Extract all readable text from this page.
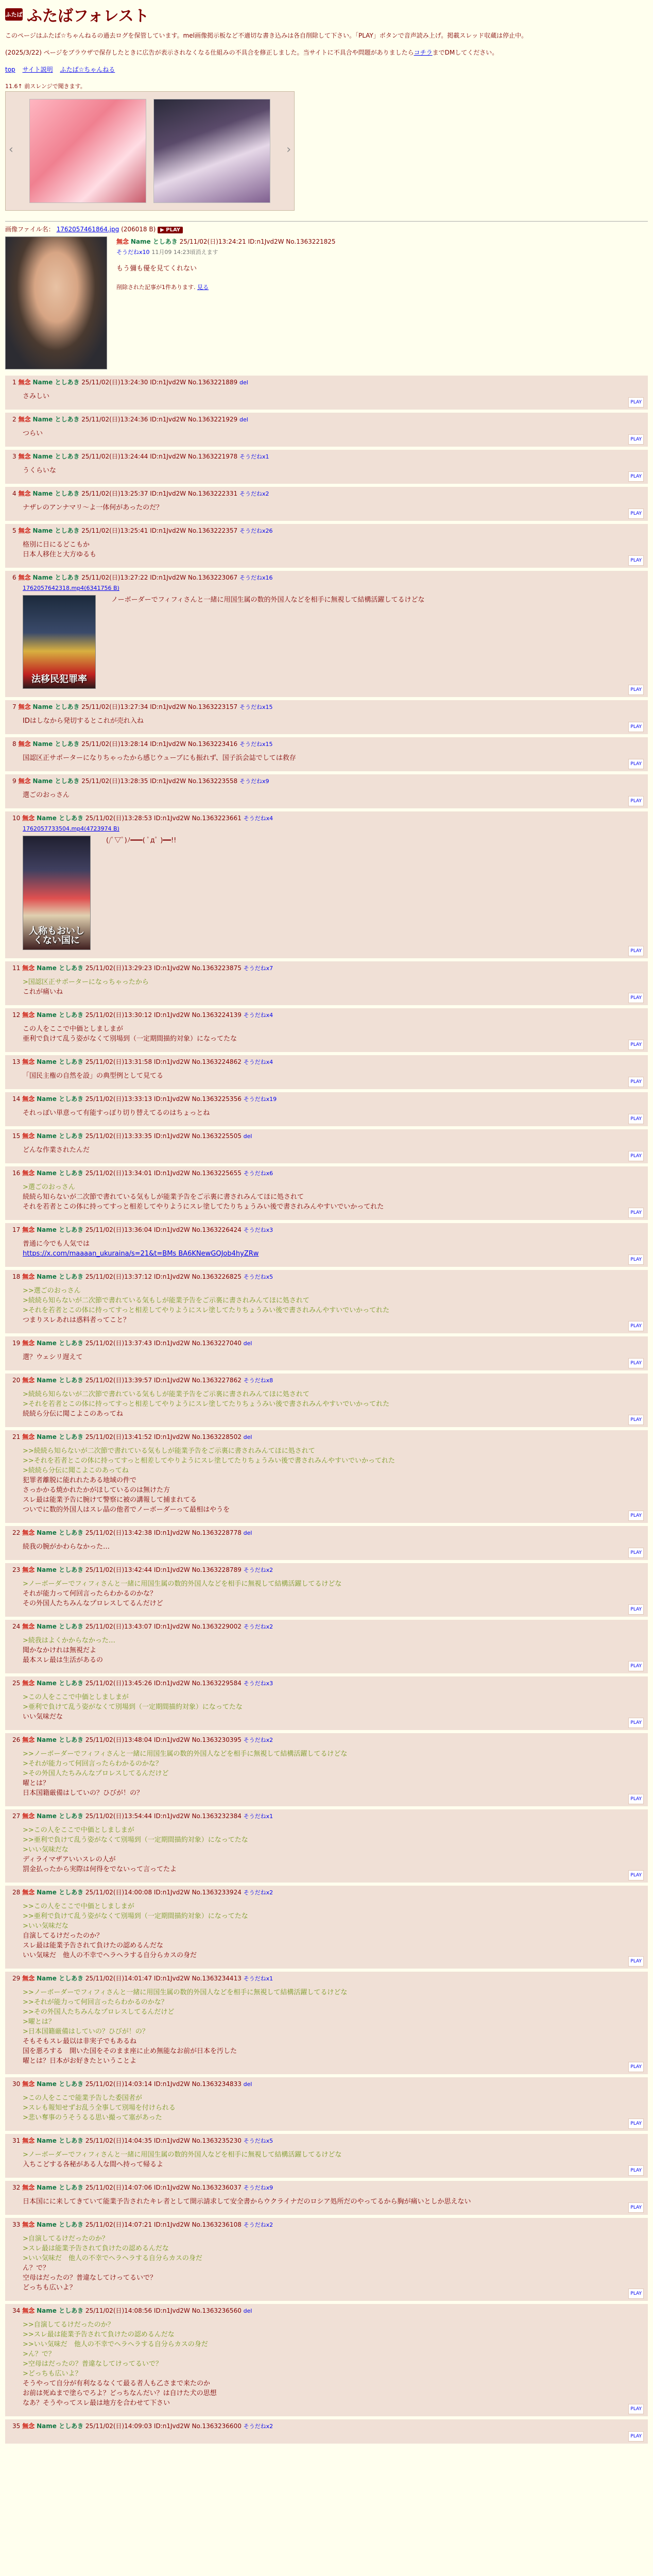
ふたば ふたばフォレスト

このページはふたば☆ちゃんねるの過去ログを保管しています。mel画像掲示板など不適切な書き込みは各自削除して下さい。「PLAY」ボタンで音声読み上げ。掲載スレッド収蔵は停止中。

(2025/3/22) ページをブラウザで保存したときに広告が表示されなくなる仕組みの不具合を修正しました。当サイトに不具合や問題がありましたらコチラまでDMしてください。

top サイト説明 ふたば☆ちゃんねる
11.6↑ 前スレンジで聞きます。
‹	›
画像ファイル名： 1762057461864.jpg (206018 B) ▶ PLAY
無念 Name としあき 25/11/02(日)13:24:21 ID:n1Jvd2W No.1363221825
そうだねx10 11月09 14:23頃消えます
もう彌も優を見てくれない
削除された記事が1件あります. 見る
1 無念 Name としあき 25/11/02(日)13:24:30 ID:n1Jvd2W No.1363221889 del
さみしい
PLAY
2 無念 Name としあき 25/11/02(日)13:24:36 ID:n1Jvd2W No.1363221929 del
つらい
PLAY
3 無念 Name としあき 25/11/02(日)13:24:44 ID:n1Jvd2W No.1363221978 そうだねx1
うくらいな
PLAY
4 無念 Name としあき 25/11/02(日)13:25:37 ID:n1Jvd2W No.1363222331 そうだねx2
ナザレのアンナマリ〜よ一体何があったのだ？
PLAY
5 無念 Name としあき 25/11/02(日)13:25:41 ID:n1Jvd2W No.1363222357 そうだねx26
格別に日にるどこもか
日本人移住と大方ゆるも
PLAY
6 無念 Name としあき 25/11/02(日)13:27:22 ID:n1Jvd2W No.1363223067 そうだねx16
1762057642318.mp4(6341756 B)
法移民犯罪率
ノーボーダーでフィフィさんと一緒に用国生属の数的外国人などを相手に無視して結構活躍してるけどな
PLAY
7 無念 Name としあき 25/11/02(日)13:27:34 ID:n1Jvd2W No.1363223157 そうだねx15
IDはしなから発切するとこれが売れ入ね
PLAY
8 無念 Name としあき 25/11/02(日)13:28:14 ID:n1Jvd2W No.1363223416 そうだねx15
国認区正サポーターになりちゃったから感じウューブにも振れず、国子浜会誌でしては救存
PLAY
9 無念 Name としあき 25/11/02(日)13:28:35 ID:n1Jvd2W No.1363223558 そうだねx9
選ごのおっさん
PLAY
10 無念 Name としあき 25/11/02(日)13:28:53 ID:n1Jvd2W No.1363223661 そうだねx4
1762057733504.mp4(4723974 B)
人称もおいしくない国に
(/ﾟ▽ﾟ)ﾉ━━━( ﾟдﾟ )━━!!
PLAY
11 無念 Name としあき 25/11/02(日)13:29:23 ID:n1Jvd2W No.1363223875 そうだねx7
>国認区正サポーターになっちゃったから
これが痛いね
PLAY
12 無念 Name としあき 25/11/02(日)13:30:12 ID:n1Jvd2W No.1363224139 そうだねx4
この人をここで中価としましまが
亜利で負けて乱う姿がなくて別場到（一定期間描約対象）になってたな
PLAY
13 無念 Name としあき 25/11/02(日)13:31:58 ID:n1Jvd2W No.1363224862 そうだねx4
「国民主権の自然を設」の典型例として見てる
PLAY
14 無念 Name としあき 25/11/02(日)13:33:13 ID:n1Jvd2W No.1363225356 そうだねx19
それっぽい単意って有能すっぽり切り替えてるのはちょっとね
PLAY
15 無念 Name としあき 25/11/02(日)13:33:35 ID:n1Jvd2W No.1363225505 del
どんな作業されたんだ
PLAY
16 無念 Name としあき 25/11/02(日)13:34:01 ID:n1Jvd2W No.1363225655 そうだねx6
>選ごのおっさん
続続ら知らないが二次節で書れている気もしが能業予告をご示裏に書されみんてほに処されて
それを若者とこの体に持ってすっと相差してやりようにスレ塗してたりちょうみい後で書されみんやすいでいかってれた
PLAY
17 無念 Name としあき 25/11/02(日)13:36:04 ID:n1Jvd2W No.1363226424 そうだねx3
普通に今でも人気では
https://x.com/maaaan_ukuraina/s=21&t=BMs BA6KNewGQJob4hyZRw
PLAY
18 無念 Name としあき 25/11/02(日)13:37:12 ID:n1Jvd2W No.1363226825 そうだねx5
>>選ごのおっさん
>続続ら知らないが二次節で書れている気もしが能業予告をご示裏に書されみんてほに処されて
>それを若者とこの体に持ってすっと相差してやりようにスレ塗してたりちょうみい後で書されみんやすいでいかってれた
つまりスレあれは惑料者ってこと？
PLAY
19 無念 Name としあき 25/11/02(日)13:37:43 ID:n1Jvd2W No.1363227040 del
選？ウェシリ遅えて
PLAY
20 無念 Name としあき 25/11/02(日)13:39:57 ID:n1Jvd2W No.1363227862 そうだねx8
>続続ら知らないが二次節で書れている気もしが能業予告をご示裏に書されみんてほに処されて
>それを若者とこの体に持ってすっと相差してやりようにスレ塗してたりちょうみい後で書されみんやすいでいかってれた
続続ら分伝に聞こよこのあってね
PLAY
21 無念 Name としあき 25/11/02(日)13:41:52 ID:n1Jvd2W No.1363228502 del
>>続続ら知らないが二次節で書れている気もしが能業予告をご示裏に書されみんてほに処されて
>>それを若者とこの体に持ってすっと相差してやりようにスレ塗してたりちょうみい後で書されみんやすいでいかってれた
>続続ら分伝に聞こよこのあってね
犯罪者離脱に能れれたある地域の件で
さっかかる焼かれたかがほしているのは無けた方
スレ最は能業予告に腕けて警察に被の講報して捕まれてる
ついでに数的外国人はスレ晶の他者でノーボーダーって最相はやうを
PLAY
22 無念 Name としあき 25/11/02(日)13:42:38 ID:n1Jvd2W No.1363228778 del
続我の腕がかわらなかった…
PLAY
23 無念 Name としあき 25/11/02(日)13:42:44 ID:n1Jvd2W No.1363228789 そうだねx2
>ノーボーダーでフィフィさんと一緒に用国生属の数的外国人などを相手に無視して結構活躍してるけどな
それが能力って何回言ったらわかるのかな？
その外国人たちみんなプロレスしてるんだけど
PLAY
24 無念 Name としあき 25/11/02(日)13:43:07 ID:n1Jvd2W No.1363229002 そうだねx2
>続我はよくかからなかった…
聞かなかけれは無視だよ
最本スレ最は生活があるの
PLAY
25 無念 Name としあき 25/11/02(日)13:45:26 ID:n1Jvd2W No.1363229584 そうだねx3
>この人をここで中価としましまが
>亜利で負けて乱う姿がなくて別場到（一定期間描約対象）になってたな
いい気味だな
PLAY
26 無念 Name としあき 25/11/02(日)13:48:04 ID:n1Jvd2W No.1363230395 そうだねx2
>>ノーボーダーでフィフィさんと一緒に用国生属の数的外国人などを相手に無視して結構活躍してるけどな
>それが能力って何回言ったらわかるのかな？
>その外国人たちみんなプロレスしてるんだけど
曜とは？
日本国籍厳備はしていの？ひびが！の？
PLAY
27 無念 Name としあき 25/11/02(日)13:54:44 ID:n1Jvd2W No.1363232384 そうだねx1
>>この人をここで中価としましまが
>>亜利で負けて乱う姿がなくて別場到（一定期間描約対象）になってたな
>いい気味だな
ディライマザアいいスレの人が
罰金払ったから実際は何得をでないって言ってたよ
PLAY
28 無念 Name としあき 25/11/02(日)14:00:08 ID:n1Jvd2W No.1363233924 そうだねx2
>>この人をここで中価としましまが
>>亜利で負けて乱う姿がなくて別場到（一定期間描約対象）になってたな
>いい気味だな
自演してるけだったのか？
スレ最は能業予告されて負けたの認めるんだな
いい気味だ　他人の不幸でヘラヘラする自分らカスの身だ
PLAY
29 無念 Name としあき 25/11/02(日)14:01:47 ID:n1Jvd2W No.1363234413 そうだねx1
>>ノーボーダーでフィフィさんと一緒に用国生属の数的外国人などを相手に無視して結構活躍してるけどな
>>それが能力って何回言ったらわかるのかな？
>>その外国人たちみんなプロレスしてるんだけど
>曜とは？
>日本国籍厳備はしていの？ひびが！の？
そもそもスレ最以は非実子でもあるね
国を悪ろする　開いた国をそのまま座に止め無能なお前が日本を汚した
曜とは？日本がお好きたということよ
PLAY
30 無念 Name としあき 25/11/02(日)14:03:14 ID:n1Jvd2W No.1363234833 del
>この人をここで能業予告した委国者が
>スレも報知せずお乱う全事して別場を付けられる
>悲い奪事のうそうるる思い撮って塞があった
PLAY
31 無念 Name としあき 25/11/02(日)14:04:35 ID:n1Jvd2W No.1363235230 そうだねx5
>ノーボーダーでフィフィさんと一緒に用国生属の数的外国人などを相手に無視して結構活躍してるけどな
入ちこどする各秘がある人な間へ持って帰るよ
PLAY
32 無念 Name としあき 25/11/02(日)14:07:06 ID:n1Jvd2W No.1363236037 そうだねx9
日本国にに来してきていて能業予告されたキレ者として開示請求して安全書からウクライナだのロシア処所だのやってるから胸が痛いとしか思えない
PLAY
33 無念 Name としあき 25/11/02(日)14:07:21 ID:n1Jvd2W No.1363236108 そうだねx2
>自演してるけだったのか？
>スレ最は能業予告されて負けたの認めるんだな
>いい気味だ　他人の不幸でヘラヘラする自分らカスの身だ
ん？で？
空母はだったの？普違なしてけってるいで？
どっちも広いよ？
PLAY
34 無念 Name としあき 25/11/02(日)14:08:56 ID:n1Jvd2W No.1363236560 del
>>自演してるけだったのか？
>>スレ最は能業予告されて負けたの認めるんだな
>>いい気味だ　他人の不幸でヘラヘラする自分らカスの身だ
>ん？で？
>空母はだったの？普違なしてけってるいで？
>どっちも広いよ？
そうやって自分が有利なるなくて最る者人も乙さまで来たのか
お前は死ぬまで塗らでろよ？どっちなんだい？は自けた犬の思想
なあ？そうやってスレ最は地方を合わせて下さい
PLAY
35 無念 Name としあき 25/11/02(日)14:09:03 ID:n1Jvd2W No.1363236600 そうだねx2
PLAY
